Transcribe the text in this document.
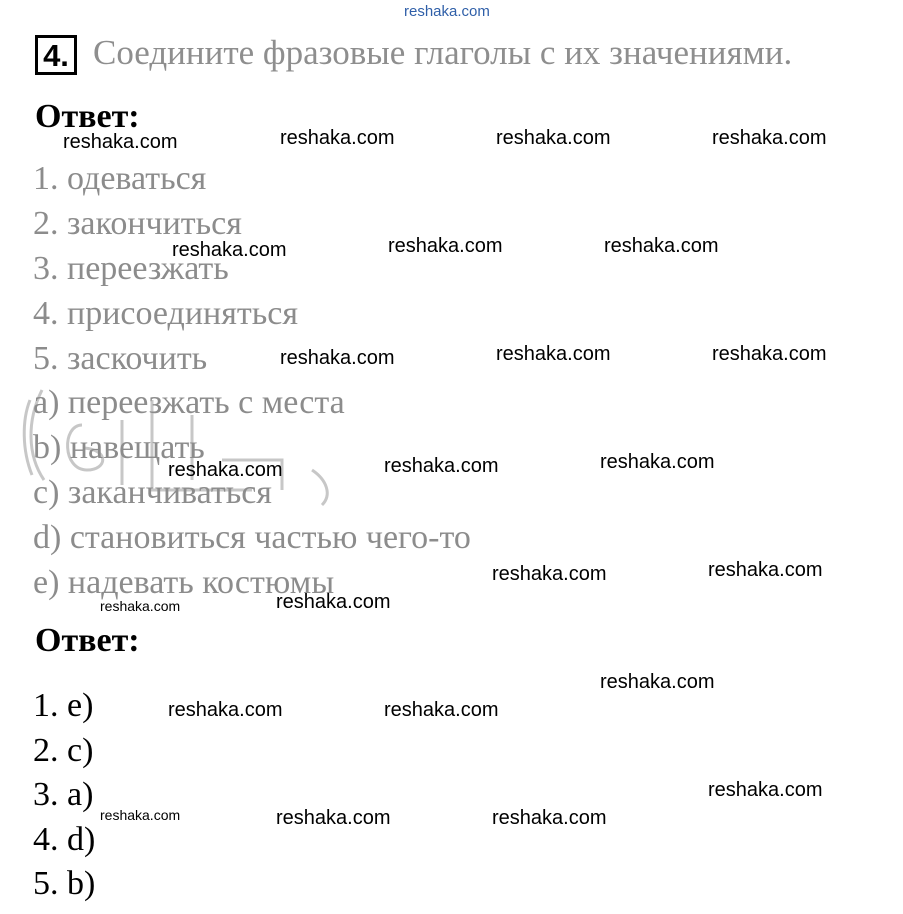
reshaka.com
4. Соедините фразовые глаголы с их значениями.
Ответ:
1. одеваться
2. закончиться
3. переезжать
4. присоединяться
5. заскочить
a) переезжать с места
b) навещать
c) заканчиваться
d) становиться частью чего-то
e) надевать костюмы
Ответ:
1. e)
2. c)
3. a)
4. d)
5. b)
reshaka.com	reshaka.com	reshaka.com	reshaka.com
reshaka.com	reshaka.com	reshaka.com
reshaka.com	reshaka.com	reshaka.com
reshaka.com	reshaka.com	reshaka.com
reshaka.com	reshaka.com
reshaka.com	reshaka.com
reshaka.com
reshaka.com	reshaka.com
reshaka.com
reshaka.com	reshaka.com	reshaka.com
